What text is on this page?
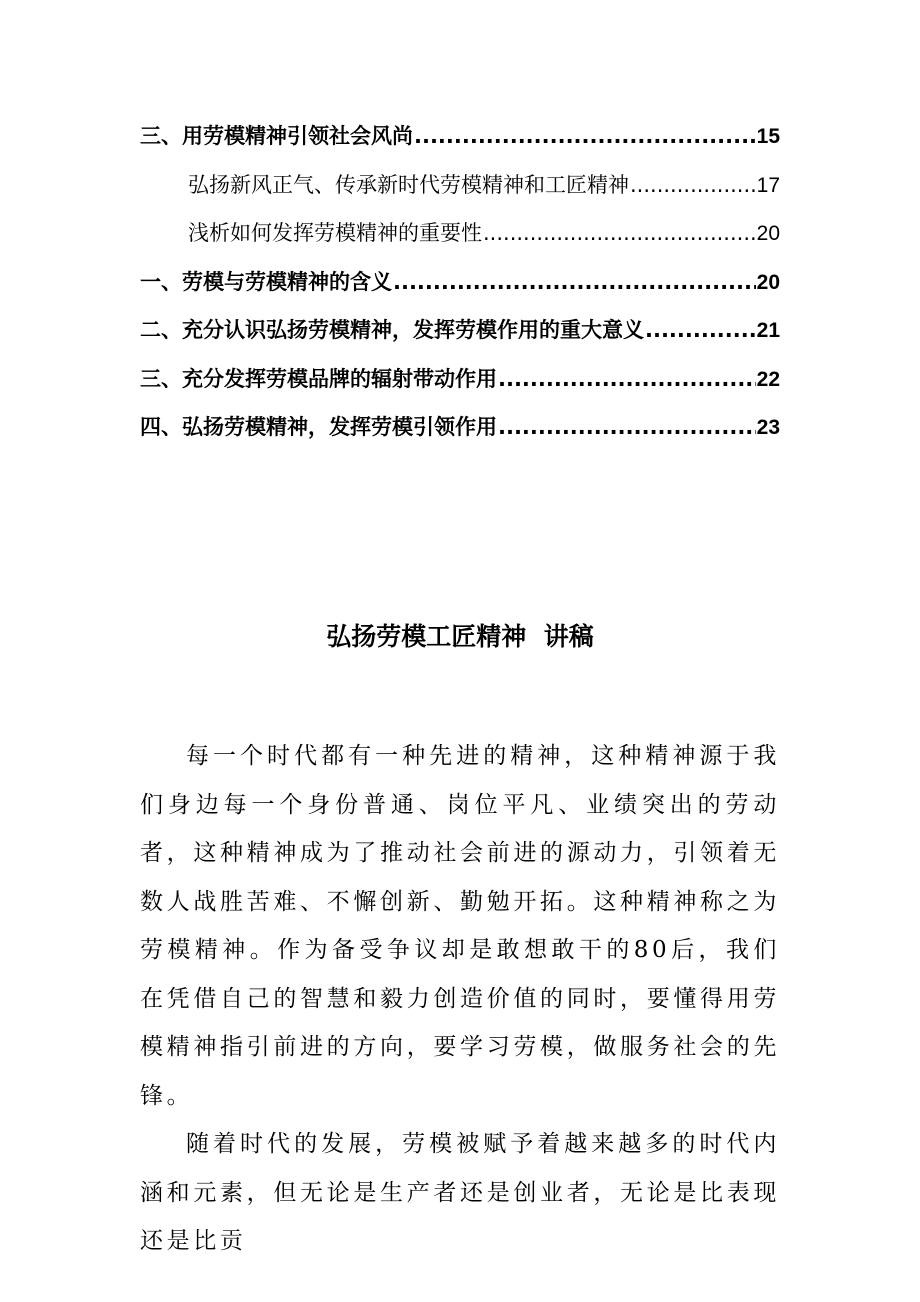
三、用劳模精神引领社会风尚 .....	15
弘扬新风正气、传承新时代劳模精神和工匠精神 .....	17
浅析如何发挥劳模精神的重要性 .....	20
一、劳模与劳模精神的含义 .....	20
二、充分认识弘扬劳模精神，发挥劳模作用的重大意义 .....	21
三、充分发挥劳模品牌的辐射带动作用 .....	22
四、弘扬劳模精神，发挥劳模引领作用 .....	23
弘扬劳模工匠精神  讲稿

每一个时代都有一种先进的精神，这种精神源于我们身边每一个身份普通、岗位平凡、业绩突出的劳动者，这种精神成为了推动社会前进的源动力，引领着无数人战胜苦难、不懈创新、勤勉开拓。这种精神称之为劳模精神。作为备受争议却是敢想敢干的80后，我们在凭借自己的智慧和毅力创造价值的同时，要懂得用劳模精神指引前进的方向，要学习劳模，做服务社会的先锋。

随着时代的发展，劳模被赋予着越来越多的时代内涵和元素，但无论是生产者还是创业者，无论是比表现还是比贡
